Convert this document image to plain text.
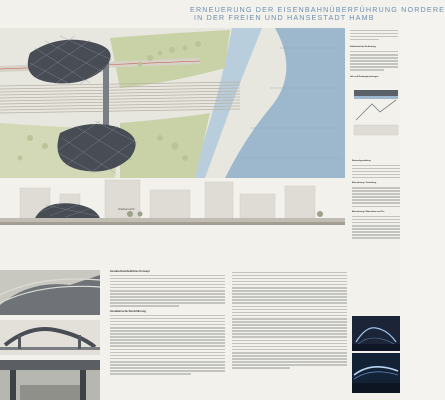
ERNEUERUNG DER EISENBAHNÜBERFÜHRUNG NORDERE
IN DER FREIEN UND HANSESTADT HAMB
Stadtansicht
Gestalt-/Ganzheitliches Konzept
Gestalterische Durchführung
Städtebauliche Einbindung
Geh und Radwegbeziehungen
Entwurfsgestaltung
Beleuchtung / Gestaltung
Beleuchtung / Materialien und Pro
